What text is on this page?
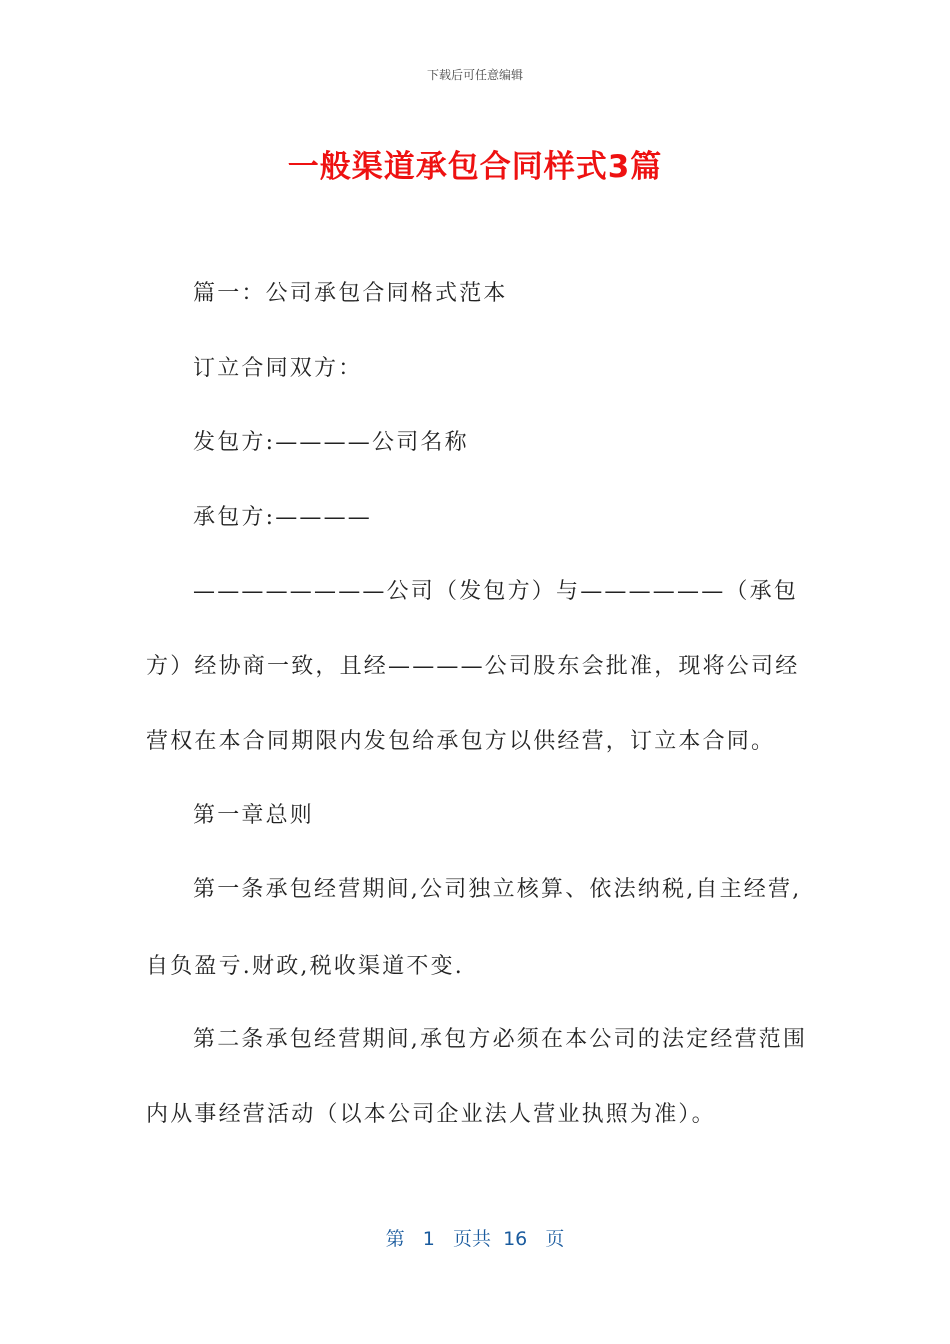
下载后可任意编辑
一般渠道承包合同样式3篇
篇一：公司承包合同格式范本
订立合同双方：
发包方:————公司名称
承包方:————
————————公司（发包方）与——————（承包
方）经协商一致，且经————公司股东会批准，现将公司经
营权在本合同期限内发包给承包方以供经营，订立本合同。
第一章总则
第一条承包经营期间,公司独立核算、依法纳税,自主经营,
自负盈亏.财政,税收渠道不变.
第二条承包经营期间,承包方必须在本公司的法定经营范围
内从事经营活动（以本公司企业法人营业执照为准）。
第 1 页共 16 页
